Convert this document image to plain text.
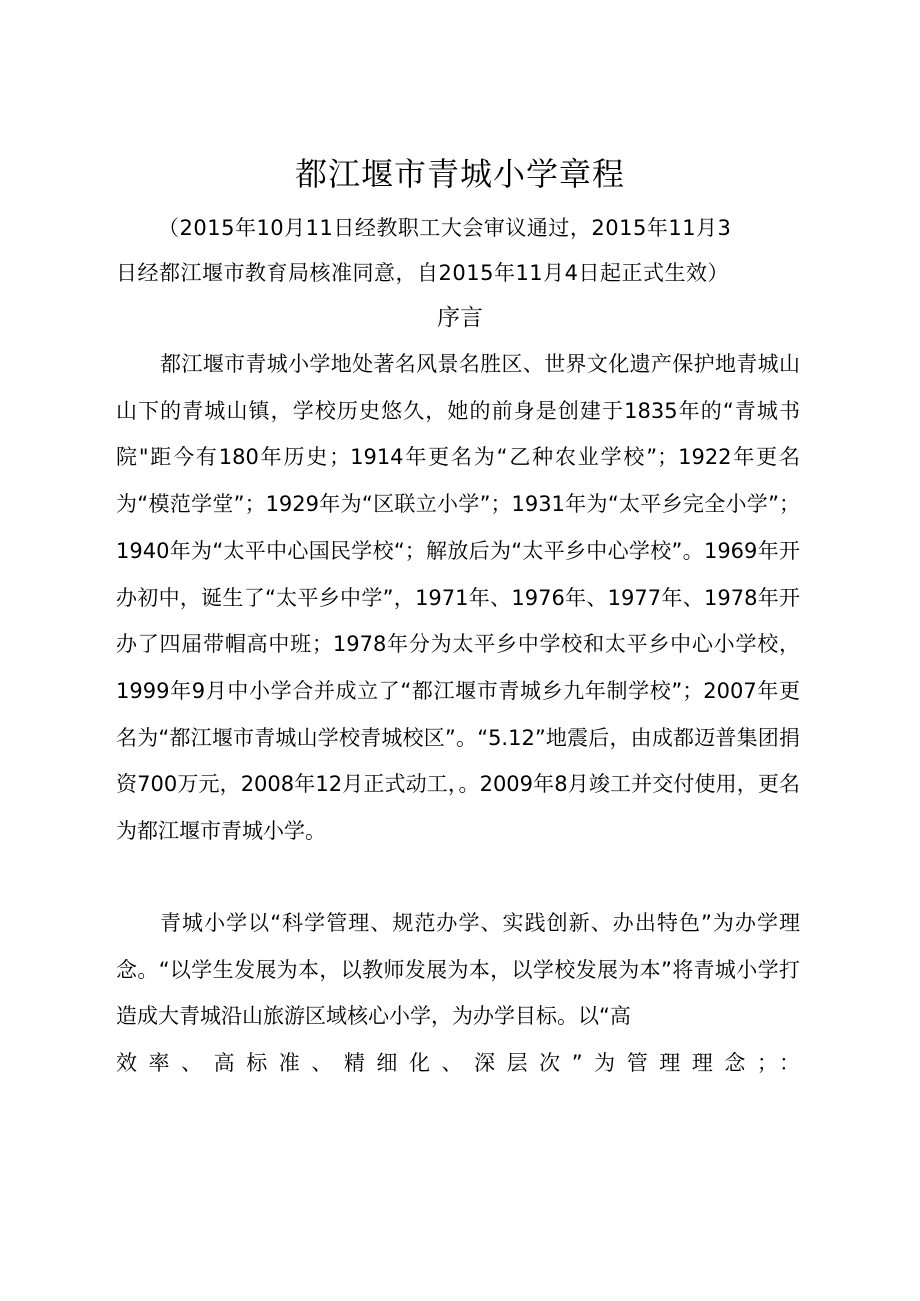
都江堰市青城小学章程

（2015年10月11日经教职工大会审议通过，2015年11月3
日经都江堰市教育局核准同意，自2015年11月4日起正式生效）

序言

都江堰市青城小学地处著名风景名胜区、世界文化遗产保护地青城山山下的青城山镇，学校历史悠久，她的前身是创建于1835年的“青城书院"距今有180年历史；1914年更名为“乙种农业学校”；1922年更名为“模范学堂”；1929年为“区联立小学”；1931年为“太平乡完全小学”；1940年为“太平中心国民学校“；解放后为“太平乡中心学校”。1969年开办初中，诞生了“太平乡中学”，1971年、1976年、1977年、1978年开办了四届带帽高中班；1978年分为太平乡中学校和太平乡中心小学校，1999年9月中小学合并成立了“都江堰市青城乡九年制学校”；2007年更名为“都江堰市青城山学校青城校区”。“5.12”地震后，由成都迈普集团捐资700万元，2008年12月正式动工，。2009年8月竣工并交付使用，更名为都江堰市青城小学。

青城小学以“科学管理、规范办学、实践创新、办出特色”为办学理念。“以学生发展为本，以教师发展为本，以学校发展为本”将青城小学打造成大青城沿山旅游区域核心小学，为办学目标。以“高

效率、高标准、精细化、深层次”为管理理念；：
